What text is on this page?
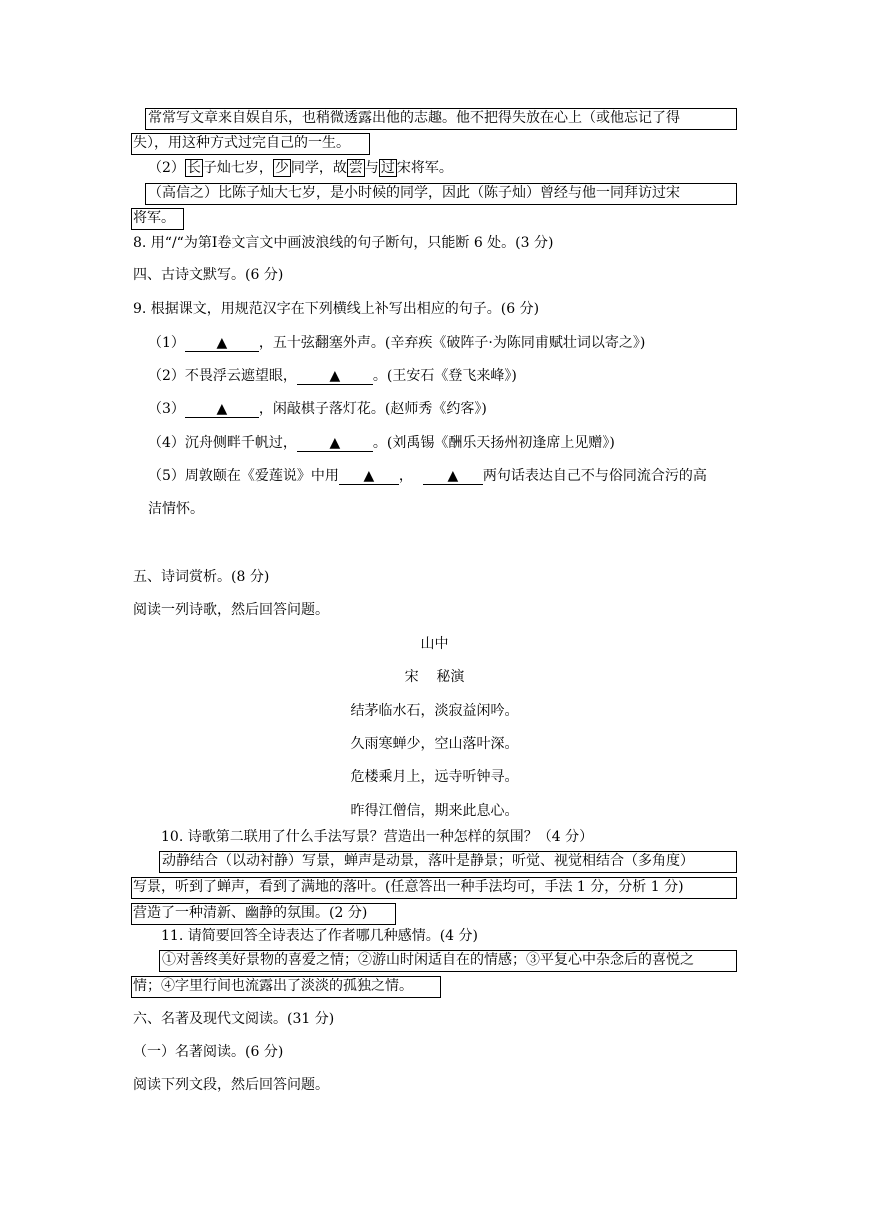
常常写文章来自娱自乐，也稍微透露出他的志趣。他不把得失放在心上（或他忘记了得
失），用这种方式过完自己的一生。
（2） 长 子灿七岁， 少 同学，故 尝 与 过 宋将军。
（高信之）比陈子灿大七岁，是小时候的同学，因此（陈子灿）曾经与他一同拜访过宋
将军。
8. 用“/“为第Ⅰ卷文言文中画波浪线的句子断句，只能断 6 处。(3 分)
四、古诗文默写。(6 分)
9. 根据课文，用规范汉字在下列横线上补写出相应的句子。(6 分)
（1） ▲ ，五十弦翻塞外声。(辛弃疾《破阵子·为陈同甫赋壮词以寄之》)
（2）不畏浮云遮望眼， ▲ 。(王安石《登飞来峰》)
（3） ▲ ，闲敲棋子落灯花。(赵师秀《约客》)
（4）沉舟侧畔千帆过， ▲ 。(刘禹锡《酬乐天扬州初逢席上见赠》)
（5）周敦颐在《爱莲说》中用 ▲ ， ▲ 两句话表达自己不与俗同流合污的高
洁情怀。
五、诗词赏析。(8 分)
阅读一列诗歌，然后回答问题。
山中
宋    秘演
结茅临水石，淡寂益闲吟。
久雨寒蝉少，空山落叶深。
危楼乘月上，远寺听钟寻。
昨得江僧信，期来此息心。
10. 诗歌第二联用了什么手法写景？营造出一种怎样的氛围？（4 分）
动静结合（以动衬静）写景，蝉声是动景，落叶是静景；听觉、视觉相结合（多角度）
写景，听到了蝉声，看到了满地的落叶。(任意答出一种手法均可，手法 1 分，分析 1 分)
营造了一种清新、幽静的氛围。(2 分)
11. 请简要回答全诗表达了作者哪几种感情。(4 分)
①对善终美好景物的喜爱之情；②游山时闲适自在的情感；③平复心中杂念后的喜悦之
情；④字里行间也流露出了淡淡的孤独之情。
六、名著及现代文阅读。(31 分)
（一）名著阅读。(6 分)
阅读下列文段，然后回答问题。
